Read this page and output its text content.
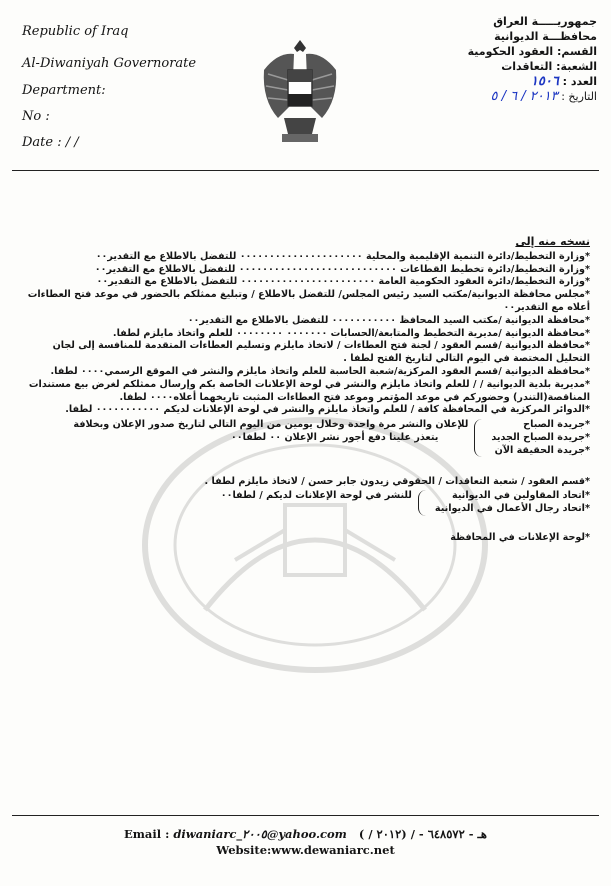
Republic of Iraq
Al-Diwaniyah Governorate
Department:
No :
Date : / /
جمهوريـــــة العراق
محافظـــة الديوانية
القسم: العقود الحكومية
الشعبة: التعاقدات
العدد : ١٥٠٦
التاريخ : ٢٠١٣ / ٦ / ٥
نسخه منه إلى
*وزارة التخطيط/دائرة التنمية الإقليمية والمحلية ٠٠٠٠٠٠٠٠٠٠٠٠٠٠٠٠٠٠٠٠٠ للتفضل بالاطلاع مع التقدير٠٠
*وزارة التخطيط/دائرة تخطيط القطاعات ٠٠٠٠٠٠٠٠٠٠٠٠٠٠٠٠٠٠٠٠٠٠٠٠٠٠٠ للتفضل بالاطلاع مع التقدير٠٠
*وزارة التخطيط/دائرة العقود الحكومية العامة ٠٠٠٠٠٠٠٠٠٠٠٠٠٠٠٠٠٠٠٠٠٠٠ للتفضل بالاطلاع مع التقدير٠٠
*مجلس محافظة الديوانية/مكتب السيد رئيس المجلس/ للتفضل بالاطلاع / وتبليغ ممثلكم بالحضور في موعد فتح العطاءات أعلاه مع التقدير٠٠
*محافظة الديوانية /مكتب السيد المحافظ ٠٠٠٠٠٠٠٠٠٠٠ للتفضل بالاطلاع مع التقدير٠٠
*محافظة الديوانية /مديرية التخطيط والمتابعة/الحسابات ٠٠٠٠٠٠٠ ٠٠٠٠٠٠٠٠ للعلم واتخاذ مايلزم لطفا.
*محافظة الديوانية /قسم العقود / لجنة فتح العطاءات / لاتخاذ مايلزم وتسليم العطاءات المتقدمة للمنافسة إلى لجان التحليل المختصة في اليوم التالي لتاريخ الفتح لطفا .
*محافظة الديوانية /قسم العقود المركزية/شعبة الحاسبة للعلم واتخاذ مايلزم والنشر في الموقع الرسمي٠٠٠٠ لطفا.
*مديرية بلدية الديوانية / / للعلم واتخاذ مايلزم والنشر في لوحة الإعلانات الخاصة بكم وإرسال ممثلكم لغرض بيع مستندات المناقصة(التندر) وحضوركم في موعد المؤتمر وموعد فتح العطاءات المثبت تاريخهما أعلاه٠٠٠٠ لطفا.
*الدوائر المركزية في المحافظة كافة / للعلم واتخاذ مايلزم والنشر في لوحة الإعلانات لديكم ٠٠٠٠٠٠٠٠٠٠٠ لطفا.
*جريدة الصباح
*جريدة الصباح الجديد
*جريدة الحقيقة الآن
للإعلان والنشر مرة واحدة وخلال يومين من اليوم التالي لتاريخ صدور الإعلان وبخلافة
يتعذر علينا دفع أجور نشر الإعلان ٠٠ لطفا٠٠
*قسم العقود / شعبة التعاقدات / الحقوقي زيدون جابر حسن / لاتخاذ مايلزم لطفا .
*اتحاد المقاولين في الديوانية
*اتحاد رجال الأعمال في الديوانية
للنشر في لوحة الإعلانات لديكم / لطفا٠٠
*لوحة الإعلانات في المحافظة
Email : diwaniarc_٢٠٠٥@yahoo.com هـ - ٦٤٨٥٧٢ - / (٢٠١٢ / )
Website:www.dewaniarc.net
